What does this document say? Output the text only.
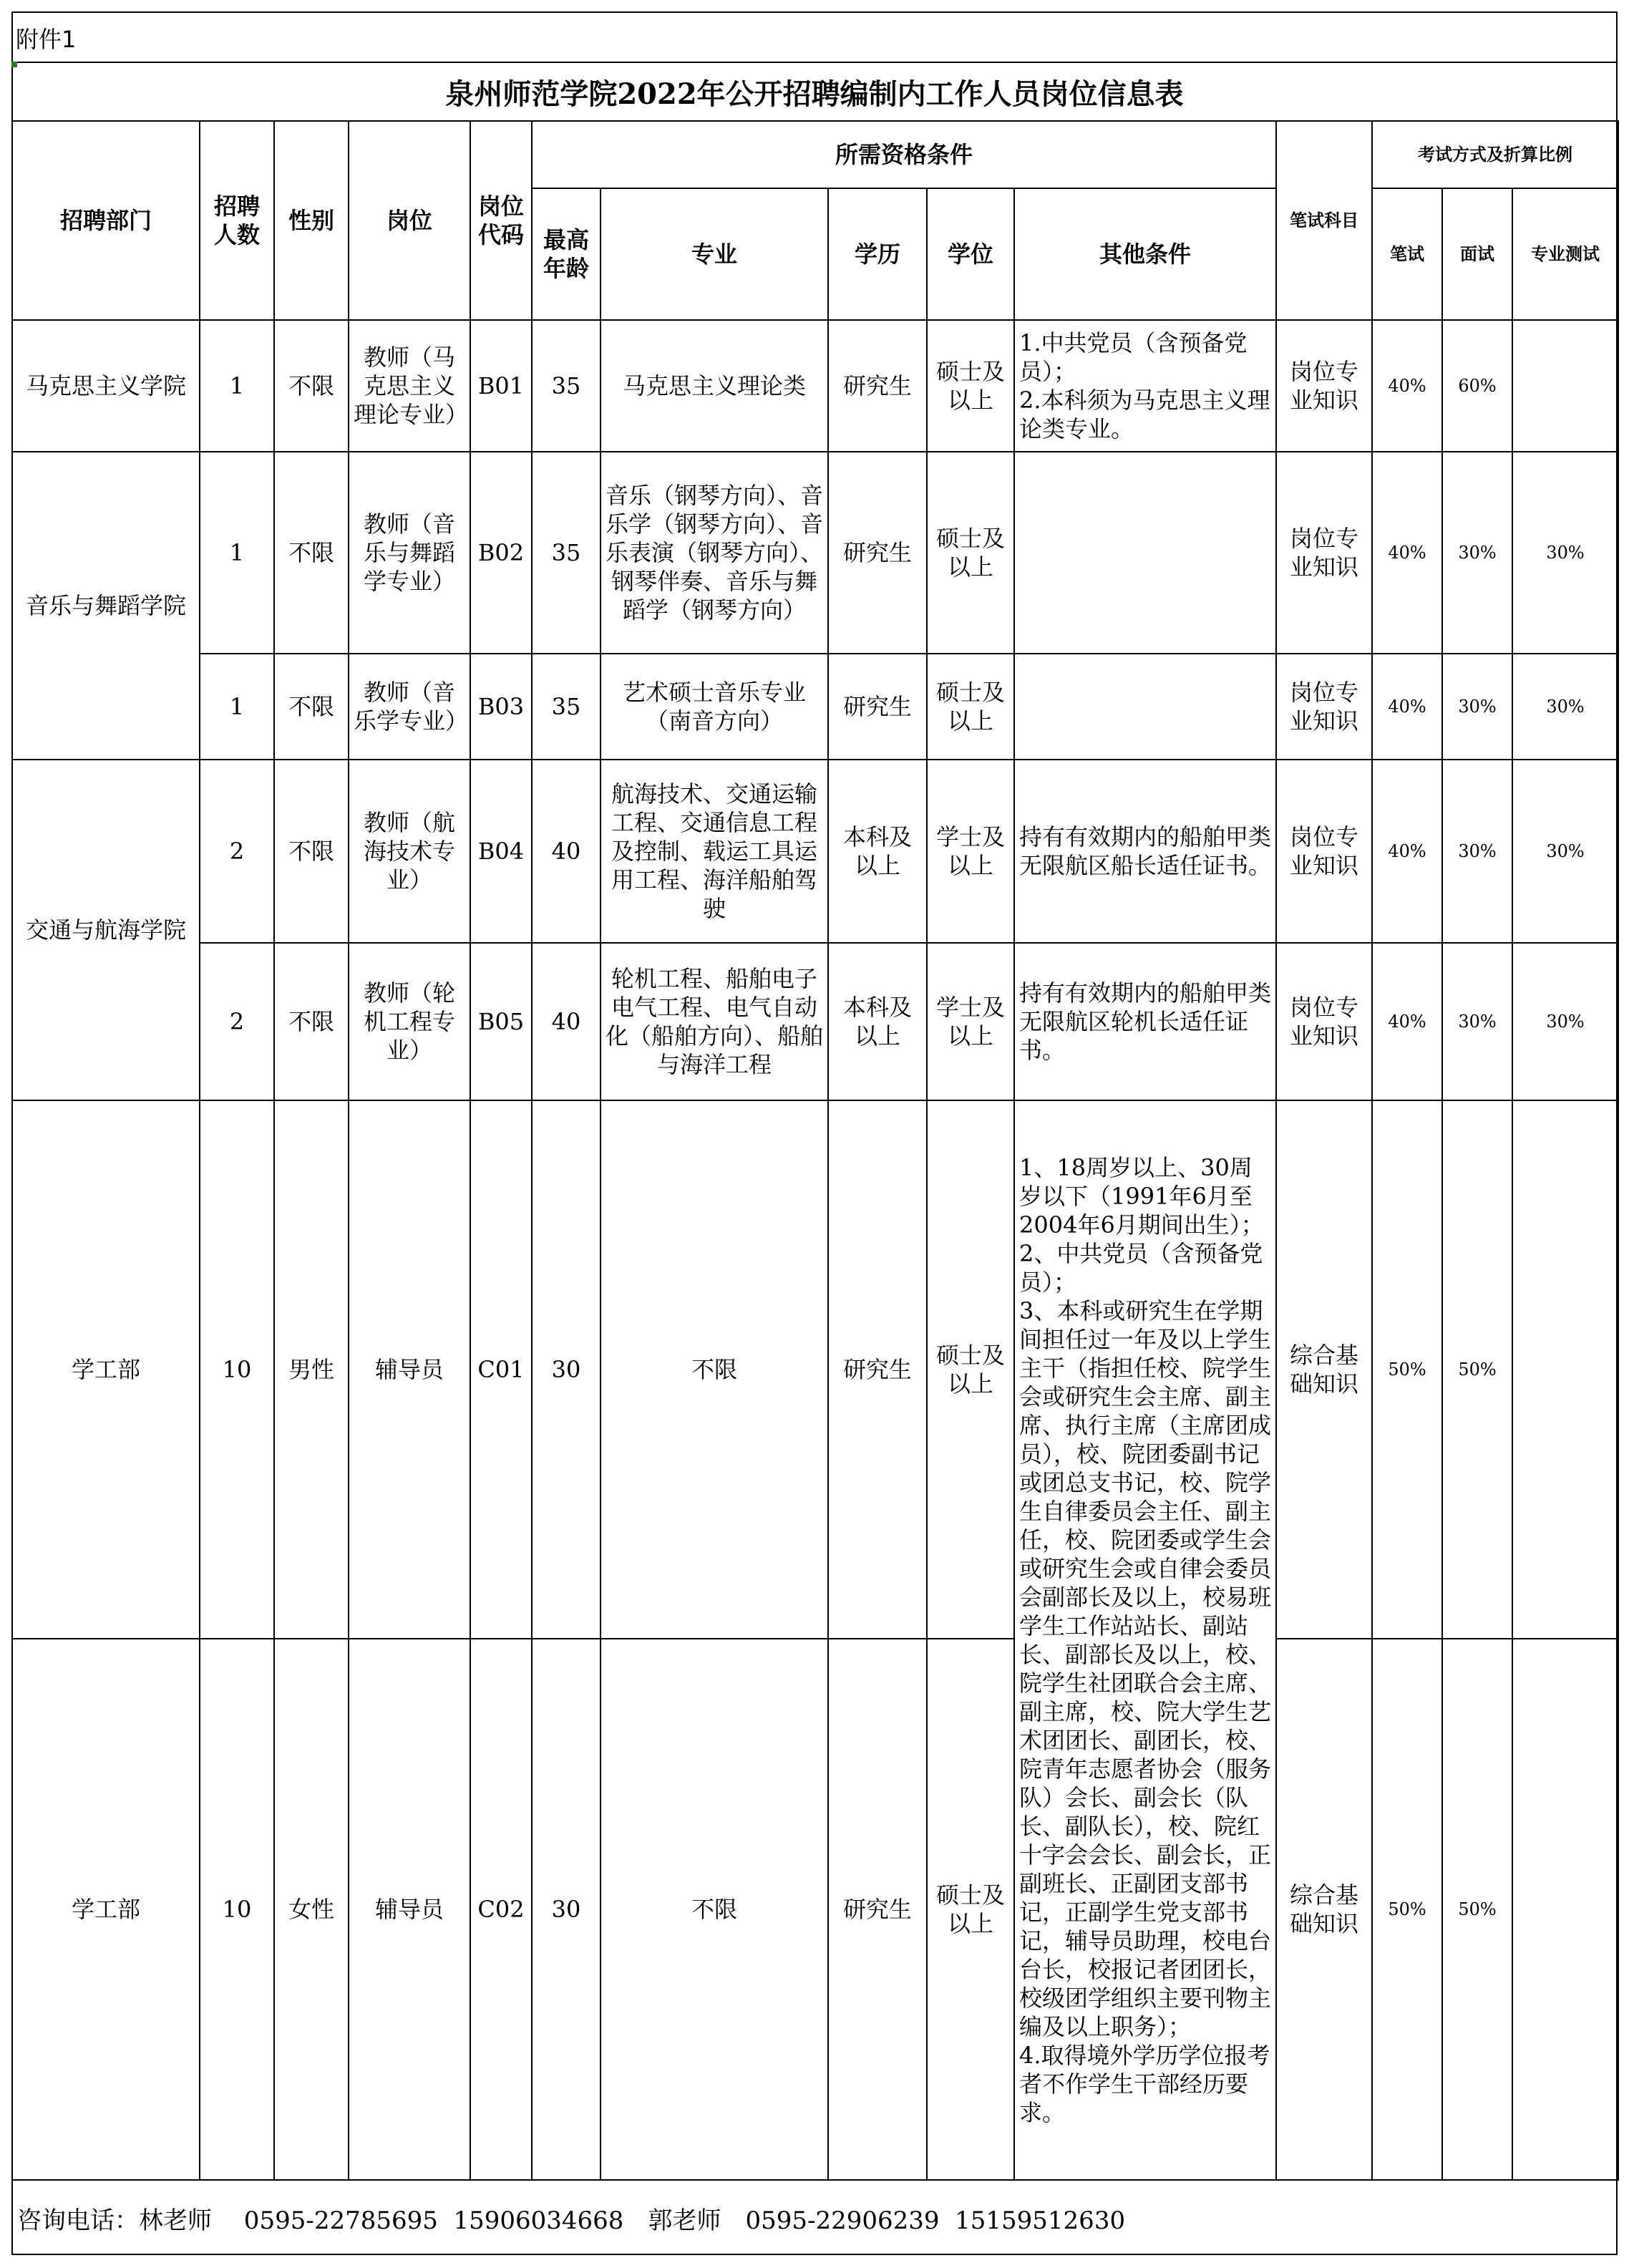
附件1
泉州师范学院2022年公开招聘编制内工作人员岗位信息表
招聘部门	招聘人数	性别	岗位	岗位代码	所需资格条件					笔试科目	考试方式及折算比例		
					最高年龄	专业	学历	学位	其他条件		笔试	面试	专业测试
马克思主义学院	1	不限	教师（马克思主义理论专业）	B01	35	马克思主义理论类	研究生	硕士及以上	1.中共党员（含预备党员）；
2.本科须为马克思主义理论类专业。	岗位专业知识	40%	60%	
音乐与舞蹈学院	1	不限	教师（音乐与舞蹈学专业）	B02	35	音乐（钢琴方向）、音乐学（钢琴方向）、音乐表演（钢琴方向）、钢琴伴奏、音乐与舞蹈学（钢琴方向）	研究生	硕士及以上		岗位专业知识	40%	30%	30%
	1	不限	教师（音乐学专业）	B03	35	艺术硕士音乐专业（南音方向）	研究生	硕士及以上		岗位专业知识	40%	30%	30%
交通与航海学院	2	不限	教师（航海技术专业）	B04	40	航海技术、交通运输工程、交通信息工程及控制、载运工具运用工程、海洋船舶驾驶	本科及以上	学士及以上	持有有效期内的船舶甲类无限航区船长适任证书。	岗位专业知识	40%	30%	30%
	2	不限	教师（轮机工程专业）	B05	40	轮机工程、船舶电子电气工程、电气自动化（船舶方向）、船舶与海洋工程	本科及以上	学士及以上	持有有效期内的船舶甲类无限航区轮机长适任证书。	岗位专业知识	40%	30%	30%
学工部	10	男性	辅导员	C01	30	不限	研究生	硕士及以上	1、18周岁以上、30周岁以下（1991年6月至2004年6月期间出生）；
2、中共党员（含预备党员）；
3、本科或研究生在学期间担任过一年及以上学生主干（指担任校、院学生会或研究生会主席、副主席、执行主席（主席团成员），校、院团委副书记或团总支书记，校、院学生自律委员会主任、副主任，校、院团委或学生会或研究生会或自律会委员会副部长及以上，校易班学生工作站站长、副站长、副部长及以上，校、院学生社团联合会主席、副主席，校、院大学生艺术团团长、副团长，校、院青年志愿者协会（服务队）会长、副会长（队长、副队长），校、院红十字会会长、副会长，正副班长、正副团支部书记，正副学生党支部书记，辅导员助理，校电台台长，校报记者团团长，校级团学组织主要刊物主编及以上职务）；
4.取得境外学历学位报考者不作学生干部经历要求。	综合基础知识	50%	50%	
学工部	10	女性	辅导员	C02	30	不限	研究生	硕士及以上		综合基础知识	50%	50%	
咨询电话：林老师　 0595-22785695  15906034668　郭老师　0595-22906239  15159512630
